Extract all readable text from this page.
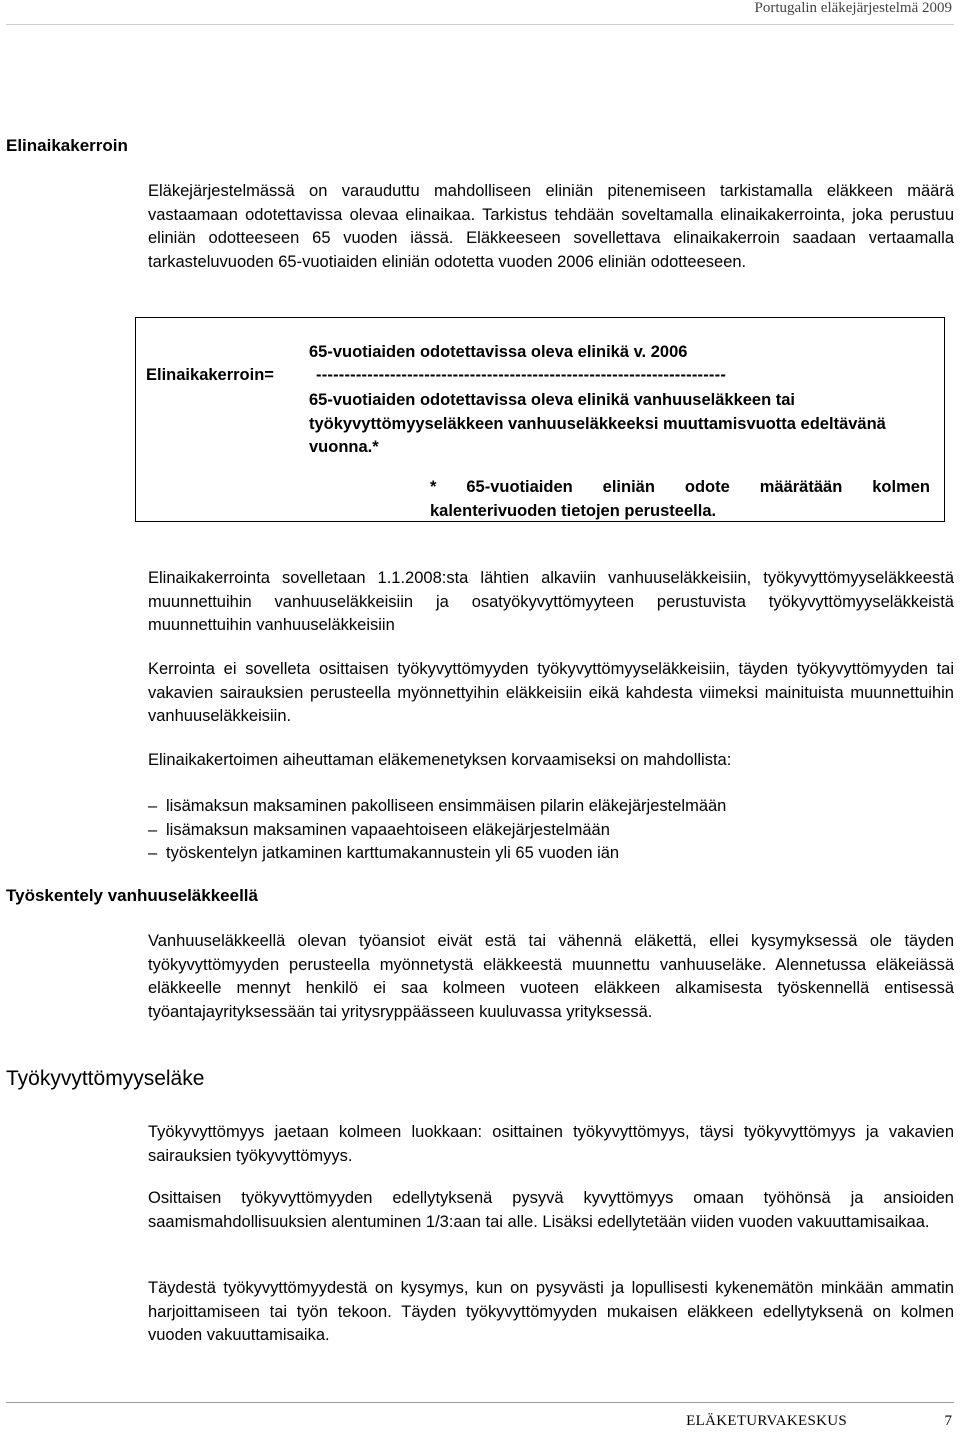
Portugalin eläkejärjestelmä 2009
Elinaikakerroin

Eläkejärjestelmässä on varauduttu mahdolliseen eliniän pitenemiseen tarkistamalla eläkkeen määrä vastaamaan odotettavissa olevaa elinaikaa. Tarkistus tehdään soveltamalla elinaikakerrointa, joka perustuu eliniän odotteeseen 65 vuoden iässä. Eläkkeeseen sovellettava elinaikakerroin saadaan vertaamalla tarkasteluvuoden 65-vuotiaiden eliniän odotetta vuoden 2006 eliniän odotteeseen.

65-vuotiaiden odotettavissa oleva elinikä v. 2006
Elinaikakerroin=	------------------------------------------------------------------------
65-vuotiaiden odotettavissa oleva elinikä vanhuuseläkkeen tai työkyvyttömyyseläkkeen vanhuuseläkkeeksi muuttamisvuotta edeltävänä vuonna.*
* 65-vuotiaiden eliniän odote määrätään kolmen kalenterivuoden tietojen perusteella.

Elinaikakerrointa sovelletaan 1.1.2008:sta lähtien alkaviin vanhuuseläkkeisiin, työkyvyttömyyseläkkeestä muunnettuihin vanhuuseläkkeisiin ja osatyökyvyttömyyteen perustuvista työkyvyttömyyseläkkeistä muunnettuihin vanhuuseläkkeisiin

Kerrointa ei sovelleta osittaisen työkyvyttömyyden työkyvyttömyyseläkkeisiin, täyden työkyvyttömyyden tai vakavien sairauksien perusteella myönnettyihin eläkkeisiin eikä kahdesta viimeksi mainituista muunnettuihin vanhuuseläkkeisiin.

Elinaikakertoimen aiheuttaman eläkemenetyksen korvaamiseksi on mahdollista:

– lisämaksun maksaminen pakolliseen ensimmäisen pilarin eläkejärjestelmään
– lisämaksun maksaminen vapaaehtoiseen eläkejärjestelmään
– työskentelyn jatkaminen karttumakannustein yli 65 vuoden iän
Työskentely vanhuuseläkkeellä

Vanhuuseläkkeellä olevan työansiot eivät estä tai vähennä eläkettä, ellei kysymyksessä ole täyden työkyvyttömyyden perusteella myönnetystä eläkkeestä muunnettu vanhuuseläke. Alennetussa eläkeiässä eläkkeelle mennyt henkilö ei saa kolmeen vuoteen eläkkeen alkamisesta työskennellä entisessä työantajayrityksessään tai yritysryppäässeen kuuluvassa yrityksessä.

Työkyvyttömyyseläke

Työkyvyttömyys jaetaan kolmeen luokkaan: osittainen työkyvyttömyys, täysi työkyvyttömyys ja vakavien sairauksien työkyvyttömyys.

Osittaisen työkyvyttömyyden edellytyksenä pysyvä kyvyttömyys omaan työhönsä ja ansioiden saamismahdollisuuksien alentuminen 1/3:aan tai alle. Lisäksi edellytetään viiden vuoden vakuuttamisaikaa.

Täydestä työkyvyttömyydestä on kysymys, kun on pysyvästi ja lopullisesti kykenemätön minkään ammatin harjoittamiseen tai työn tekoon. Täyden työkyvyttömyyden mukaisen eläkkeen edellytyksenä on kolmen vuoden vakuuttamisaika.

ELÄKETURVAKESKUS	7
